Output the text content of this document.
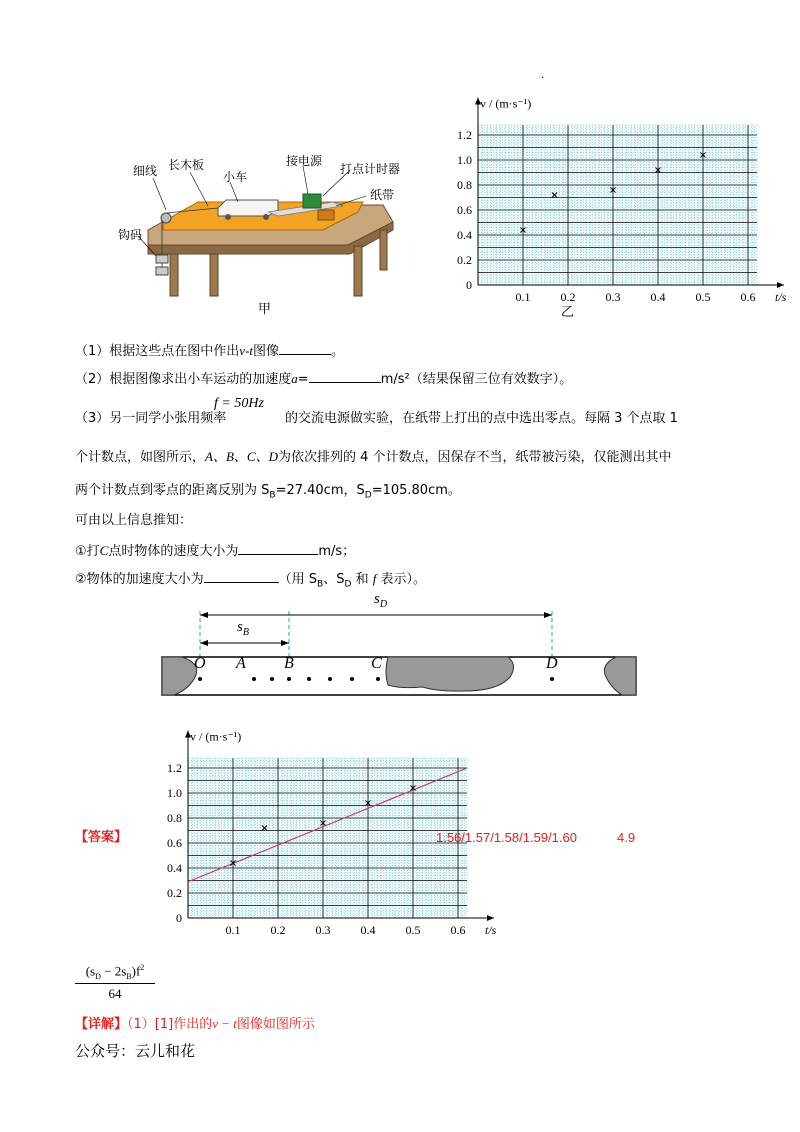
·
细线 长木板
小车
接电源
打点计时器
纸带
钩码
甲
0.1	0.2	0.3	0.4	0.5	0.6
0
0.2
0.4
0.6
0.8
1.0
1.2
v / (m·s⁻¹)
t/s
乙
（1）根据这些点在图中作出v-t图像	。
（2）根据图像求出小车运动的加速度a=	m/s²（结果保留三位有效数字）。
（3）另一同学小张用频率
f = 50Hz
的交流电源做实验，在纸带上打出的点中选出零点。每隔 3 个点取 1
个计数点，如图所示，A、B、C、D为依次排列的 4 个计数点，因保存不当，纸带被污染，仅能测出其中
两个计数点到零点的距离反别为 $S_B=27.40cm$，$S_D=105.80cm$。
可由以上信息推知：
①打C点时物体的速度大小为	m/s；
②物体的加速度大小为	（用 $S_B$、$S_D$ 和 f 表示）。
$s_D$
$s_B$
O A B	C	D
0.1	0.2	0.3	0.4	0.5	0.6
0
0.2
0.4
0.6
0.8
1.0
1.2
v / (m·s⁻¹)
t/s
【答案】	1.56/1.57/1.58/1.59/1.60	4.9
$\frac{(s_D - 2s_B)f^2}{64}$
【详解】（1）[1]作出的v − t图像如图所示
公众号：云儿和花
